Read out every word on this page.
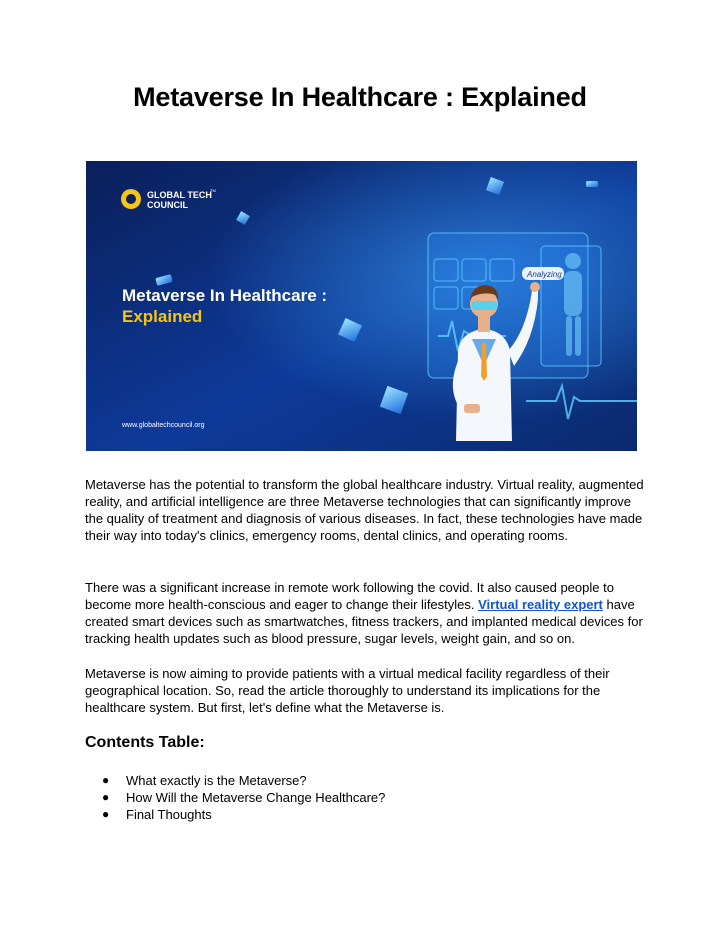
Metaverse In Healthcare : Explained
Analyzing
GLOBAL TECH
TM
COUNCIL
Metaverse In Healthcare :
Explained
www.globaltechcouncil.org

Metaverse has the potential to transform the global healthcare industry. Virtual reality, augmented reality, and artificial intelligence are three Metaverse technologies that can significantly improve the quality of treatment and diagnosis of various diseases. In fact, these technologies have made their way into today's clinics, emergency rooms, dental clinics, and operating rooms.

There was a significant increase in remote work following the covid. It also caused people to become more health-conscious and eager to change their lifestyles. Virtual reality expert have created smart devices such as smartwatches, fitness trackers, and implanted medical devices for tracking health updates such as blood pressure, sugar levels, weight gain, and so on.

Metaverse is now aiming to provide patients with a virtual medical facility regardless of their geographical location. So, read the article thoroughly to understand its implications for the healthcare system. But first, let's define what the Metaverse is.

Contents Table:
● What exactly is the Metaverse?
● How Will the Metaverse Change Healthcare?
● Final Thoughts
